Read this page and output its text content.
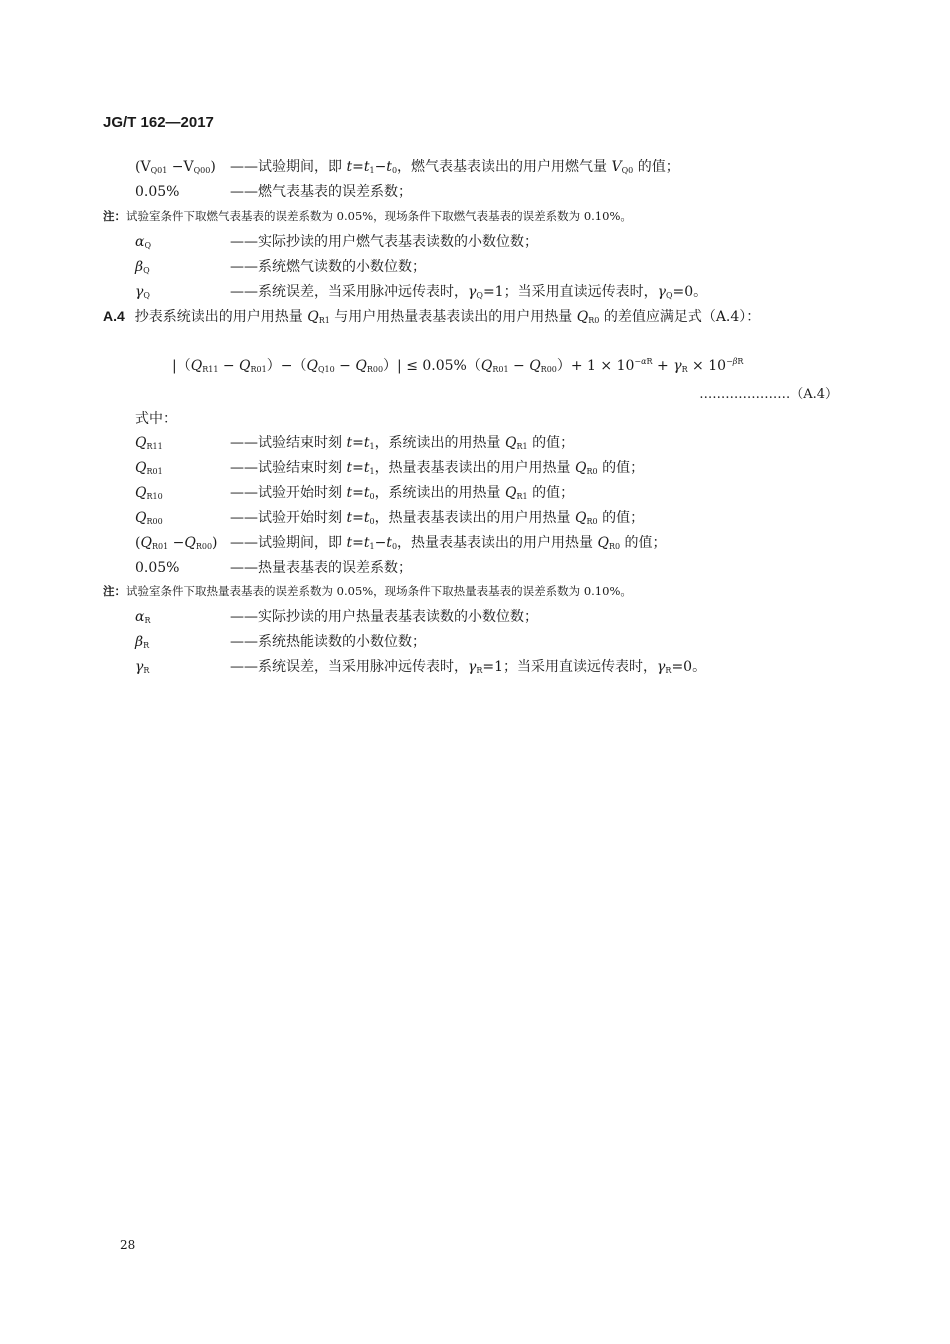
JG/T 162—2017
$(V_{Q01} -V_{Q00})$ ——试验期间，即 $t=t_1-t_0$，燃气表基表读出的用户用燃气量 $V_{Q0}$ 的值；
0.05%	——燃气表基表的误差系数；
注：试验室条件下取燃气表基表的误差系数为 0.05%，现场条件下取燃气表基表的误差系数为 0.10%。
$\alpha_Q$	——实际抄读的用户燃气表基表读数的小数位数；
$\beta_Q$	——系统燃气读数的小数位数；
$\gamma_Q$	——系统误差，当采用脉冲远传表时，$\gamma_Q=1$；当采用直读远传表时，$\gamma_Q=0$。
A.4 抄表系统读出的用户用热量 $Q_{R1}$ 与用户用热量表基表读出的用户用热量 $Q_{R0}$ 的差值应满足式（A.4）：
$|(Q_{R11} - Q_{R01})-(Q_{Q10} - Q_{R00})| \le 0.05\%(Q_{R01} - Q_{R00})+ 1 \times 10^{-\alpha R} + \gamma_R \times 10^{-\beta R}$
…………………（A.4）
式中：
$Q_{R11}$	——试验结束时刻 $t=t_1$，系统读出的用热量 $Q_{R1}$ 的值；
$Q_{R01}$	——试验结束时刻 $t=t_1$，热量表基表读出的用户用热量 $Q_{R0}$ 的值；
$Q_{R10}$	——试验开始时刻 $t=t_0$，系统读出的用热量 $Q_{R1}$ 的值；
$Q_{R00}$	——试验开始时刻 $t=t_0$，热量表基表读出的用户用热量 $Q_{R0}$ 的值；
$(Q_{R01} -Q_{R00})$ ——试验期间，即 $t=t_1-t_0$，热量表基表读出的用户用热量 $Q_{R0}$ 的值；
0.05%	——热量表基表的误差系数；
注：试验室条件下取热量表基表的误差系数为 0.05%，现场条件下取热量表基表的误差系数为 0.10%。
$\alpha_R$	——实际抄读的用户热量表基表读数的小数位数；
$\beta_R$	——系统热能读数的小数位数；
$\gamma_R$	——系统误差，当采用脉冲远传表时，$\gamma_R=1$；当采用直读远传表时，$\gamma_R=0$。
28
